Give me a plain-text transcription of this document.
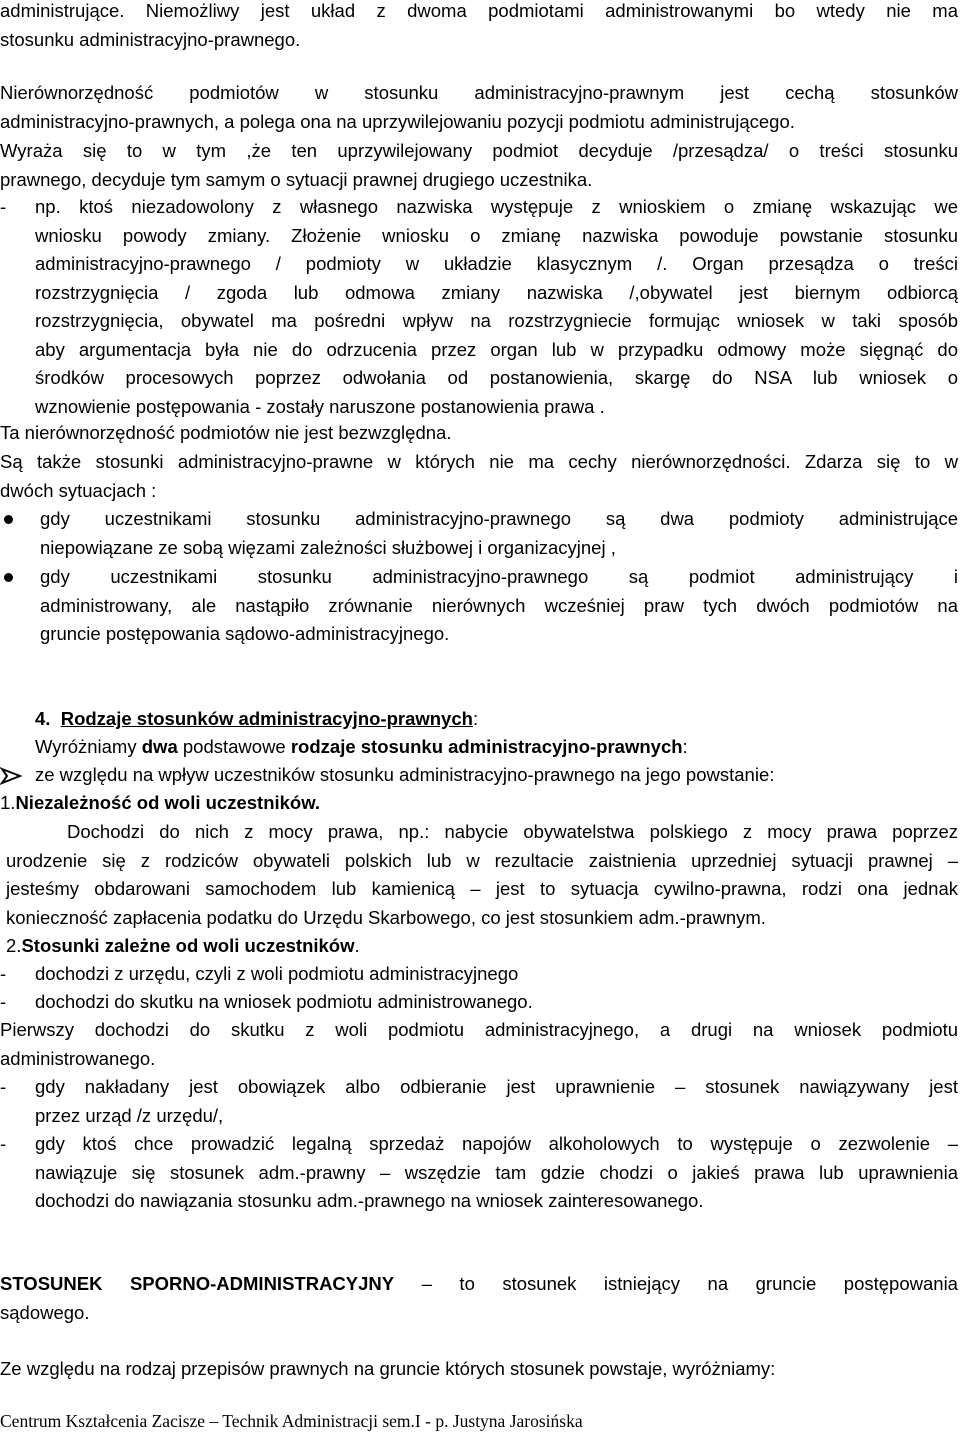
administrujące. Niemożliwy jest układ z dwoma podmiotami administrowanymi bo wtedy nie ma
stosunku administracyjno-prawnego.
Nierównorzędność podmiotów w stosunku administracyjno-prawnym jest cechą stosunków
administracyjno-prawnych, a polega ona na uprzywilejowaniu pozycji podmiotu administrującego.
Wyraża się to w tym ,że ten uprzywilejowany podmiot decyduje /przesądza/ o treści stosunku
prawnego, decyduje tym samym o sytuacji prawnej drugiego uczestnika.
- np. ktoś niezadowolony z własnego nazwiska występuje z wnioskiem o zmianę wskazując we
wniosku powody zmiany. Złożenie wniosku o zmianę nazwiska powoduje powstanie stosunku
administracyjno-prawnego / podmioty w układzie klasycznym /. Organ przesądza o treści
rozstrzygnięcia / zgoda lub odmowa zmiany nazwiska /,obywatel jest biernym odbiorcą
rozstrzygnięcia, obywatel ma pośredni wpływ na rozstrzygniecie formując wniosek w taki sposób
aby argumentacja była nie do odrzucenia przez organ lub w przypadku odmowy może sięgnąć do
środków procesowych poprzez odwołania od postanowienia, skargę do NSA lub wniosek o
wznowienie postępowania - zostały naruszone postanowienia prawa .
Ta nierównorzędność podmiotów nie jest bezwzględna.
Są także stosunki administracyjno-prawne w których nie ma cechy nierównorzędności. Zdarza się to w
dwóch sytuacjach :
gdy uczestnikami stosunku administracyjno-prawnego są dwa podmioty administrujące
niepowiązane ze sobą więzami zależności służbowej i organizacyjnej ,
gdy uczestnikami stosunku administracyjno-prawnego są podmiot administrujący i
administrowany, ale nastąpiło zrównanie nierównych wcześniej praw tych dwóch podmiotów na
gruncie postępowania sądowo-administracyjnego.
4. Rodzaje stosunków administracyjno-prawnych:
Wyróżniamy dwa podstawowe rodzaje stosunku administracyjno-prawnych:
ze względu na wpływ uczestników stosunku administracyjno-prawnego na jego powstanie:
1.Niezależność od woli uczestników.
Dochodzi do nich z mocy prawa, np.: nabycie obywatelstwa polskiego z mocy prawa poprzez
urodzenie się z rodziców obywateli polskich lub w rezultacie zaistnienia uprzedniej sytuacji prawnej –
jesteśmy obdarowani samochodem lub kamienicą – jest to sytuacja cywilno-prawna, rodzi ona jednak
konieczność zapłacenia podatku do Urzędu Skarbowego, co jest stosunkiem adm.-prawnym.
2.Stosunki zależne od woli uczestników.
- dochodzi z urzędu, czyli z woli podmiotu administracyjnego
- dochodzi do skutku na wniosek podmiotu administrowanego.
Pierwszy dochodzi do skutku z woli podmiotu administracyjnego, a drugi na wniosek podmiotu
administrowanego.
- gdy nakładany jest obowiązek albo odbieranie jest uprawnienie – stosunek nawiązywany jest
przez urząd /z urzędu/,
- gdy ktoś chce prowadzić legalną sprzedaż napojów alkoholowych to występuje o zezwolenie –
nawiązuje się stosunek adm.-prawny – wszędzie tam gdzie chodzi o jakieś prawa lub uprawnienia
dochodzi do nawiązania stosunku adm.-prawnego na wniosek zainteresowanego.
STOSUNEK SPORNO-ADMINISTRACYJNY – to stosunek istniejący na gruncie postępowania
sądowego.
Ze względu na rodzaj przepisów prawnych na gruncie których stosunek powstaje, wyróżniamy:
Centrum Kształcenia Zacisze – Technik Administracji sem.I - p. Justyna Jarosińska
